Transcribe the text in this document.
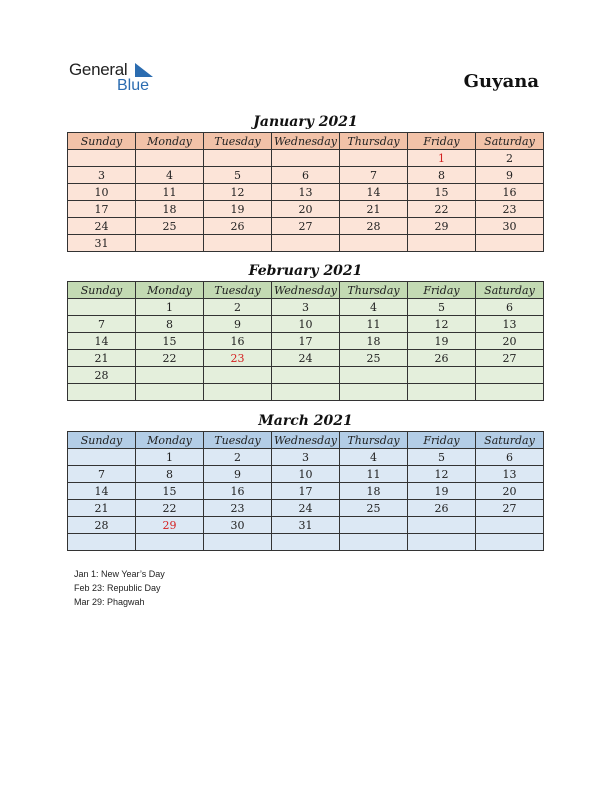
General
Blue	Guyana
January 2021
Sunday	Monday	Tuesday	Wednesday	Thursday	Friday	Saturday
					1	2
3	4	5	6	7	8	9
10	11	12	13	14	15	16
17	18	19	20	21	22	23
24	25	26	27	28	29	30
31						
February 2021
Sunday	Monday	Tuesday	Wednesday	Thursday	Friday	Saturday
	1	2	3	4	5	6
7	8	9	10	11	12	13
14	15	16	17	18	19	20
21	22	23	24	25	26	27
28						

March 2021
Sunday	Monday	Tuesday	Wednesday	Thursday	Friday	Saturday
	1	2	3	4	5	6
7	8	9	10	11	12	13
14	15	16	17	18	19	20
21	22	23	24	25	26	27
28	29	30	31			

Jan 1: New Year’s Day
Feb 23: Republic Day
Mar 29: Phagwah
